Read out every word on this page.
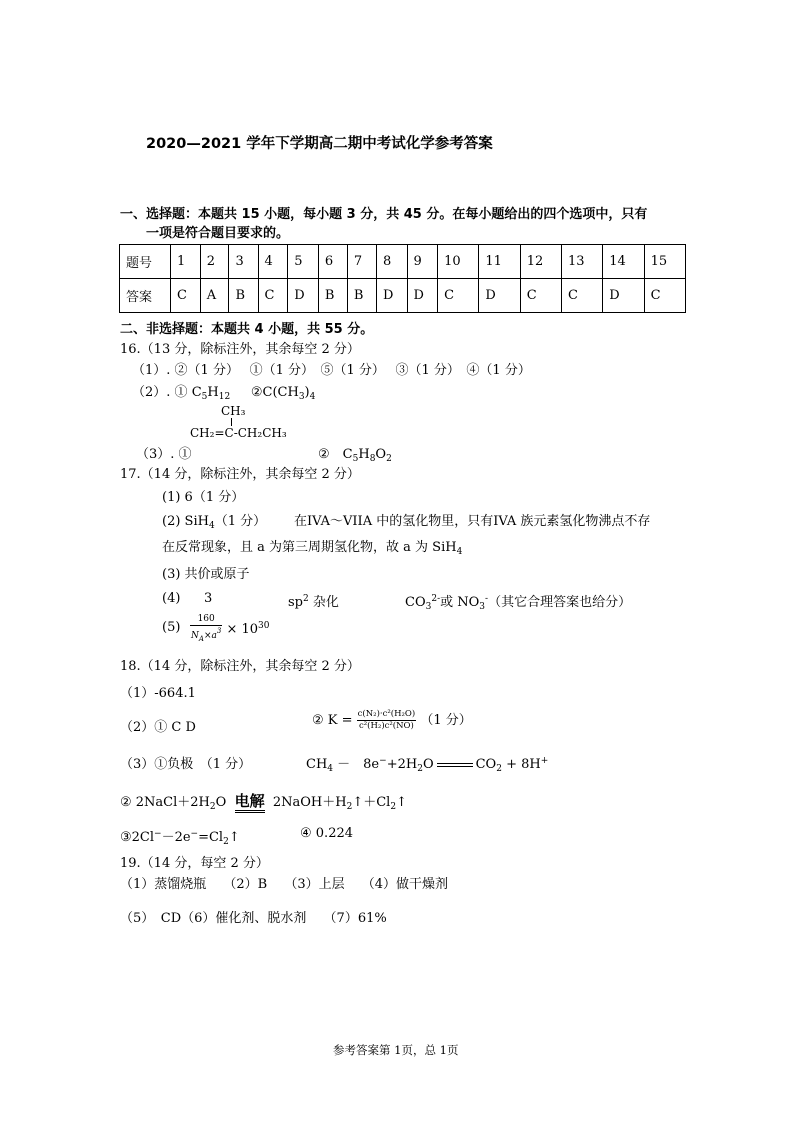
2020—2021 学年下学期高二期中考试化学参考答案
一、选择题：本题共 15 小题，每小题 3 分，共 45 分。在每小题给出的四个选项中，只有
一项是符合题目要求的。
题号	1	2	3	4	5	6	7	8	9	10	11	12	13	14	15
答案	C	A	B	C	D	B	B	D	D	C	D	C	C	D	C
二、非选择题：本题共 4 小题，共 55 分。
16.（13 分，除标注外，其余每空 2 分）
（1）. ②（1 分）　 ①（1 分）　⑤（1 分）　 ③（1 分）　④（1 分）
（2）. ① $C_5H_{12}$ $②C(CH_3)_4$
CH₃
CH₂=C-CH₂CH₃
（3）. ①	②　$C_5H_8O_2$
17.（14 分，除标注外，其余每空 2 分）
(1) 6（1 分）
(2) SiH$_4$（1 分） 在IVA～VIIA 中的氢化物里，只有IVA 族元素氢化物沸点不存
在反常现象，且 a 为第三周期氢化物，故 a 为 SiH$_4$
(3) 共价或原子
(4) 3	$sp^2$ 杂化	$CO_3^{2-}$或 $NO_3^-$（其它合理答案也给分）
$(5) \frac{160}{N_A\times a^3} \times 10^{30}$
18.（14 分，除标注外，其余每空 2 分）
（1）-664.1
（2）① C D	② $K = \frac{\text{c(N₂)·c²(H₂O)}}{\text{c²(H₂)c²(NO)}} (1$ 分）
（3）①负极　（1 分）	$CH_4$ －　$8e^-+2H_2O$	$CO_2 + 8H^+$
② $2NaCl+2H_2O$ 电解 $2NaOH+H_2↑+Cl_2↑$
$③2Cl^--2e^-=Cl_2↑$	④ 0.224
19.（14 分，每空 2 分）
（1）蒸馏烧瓶　 （2）B　 （3）上层　 （4）做干燥剂
（5）　CD（6）催化剂、脱水剂　 （7）61%
参考答案第 1页，总 1页
